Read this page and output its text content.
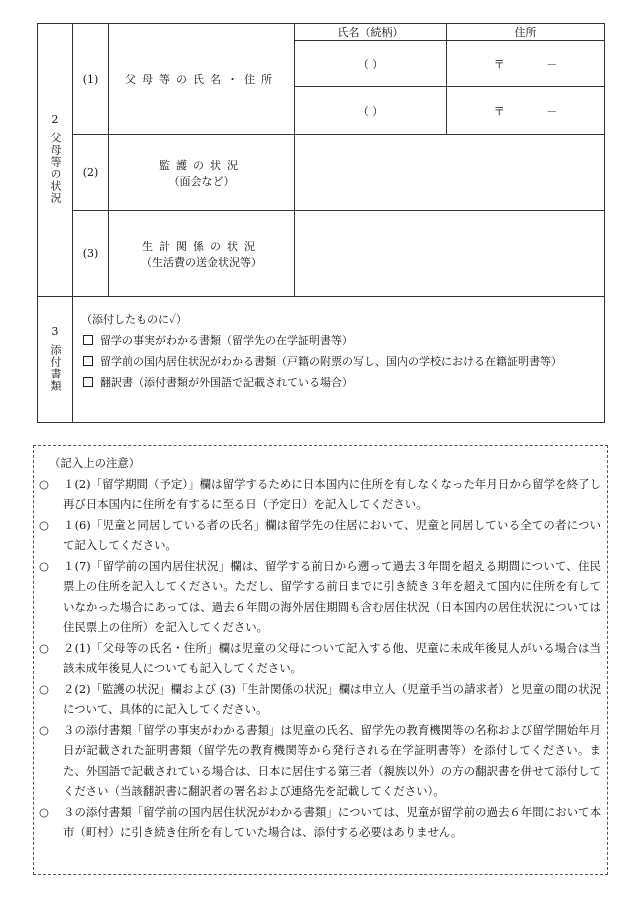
2
父母等の状況	(1)	父母等の氏名・住所	氏名（続柄）	住所
			（ ）	〒 －
			（ ）	〒 －
	(2)	監護の状況
（面会など）		

	(3)	生計関係の状況
（生活費の送金状況等）		

3
添付書類	（添付したものに✓）
留学の事実がわかる書類（留学先の在学証明書等）
留学前の国内居住状況がわかる書類（戸籍の附票の写し、国内の学校における在籍証明書等）
翻訳書（添付書類が外国語で記載されている場合）			
（記入上の注意）
○ １(2)「留学期間（予定）」欄は留学するために日本国内に住所を有しなくなった年月日から留学を終了し再び日本国内に住所を有するに至る日（予定日）を記入してください。
○ １(6)「児童と同居している者の氏名」欄は留学先の住居において、児童と同居している全ての者について記入してください。
○ １(7)「留学前の国内居住状況」欄は、留学する前日から遡って過去３年間を超える期間について、住民票上の住所を記入してください。ただし、留学する前日までに引き続き３年を超えて国内に住所を有していなかった場合にあっては、過去６年間の海外居住期間も含む居住状況（日本国内の居住状況については住民票上の住所）を記入してください。
○ ２(1)「父母等の氏名・住所」欄は児童の父母について記入する他、児童に未成年後見人がいる場合は当該未成年後見人についても記入してください。
○ ２(2)「監護の状況」欄および (3)「生計関係の状況」欄は申立人（児童手当の請求者）と児童の間の状況について、具体的に記入してください。
○ ３の添付書類「留学の事実がわかる書類」は児童の氏名、留学先の教育機関等の名称および留学開始年月日が記載された証明書類（留学先の教育機関等から発行される在学証明書等）を添付してください。また、外国語で記載されている場合は、日本に居住する第三者（親族以外）の方の翻訳書を併せて添付してください（当該翻訳書に翻訳者の署名および連絡先を記載してください）。
○ ３の添付書類「留学前の国内居住状況がわかる書類」については、児童が留学前の過去６年間において本市（町村）に引き続き住所を有していた場合は、添付する必要はありません。
